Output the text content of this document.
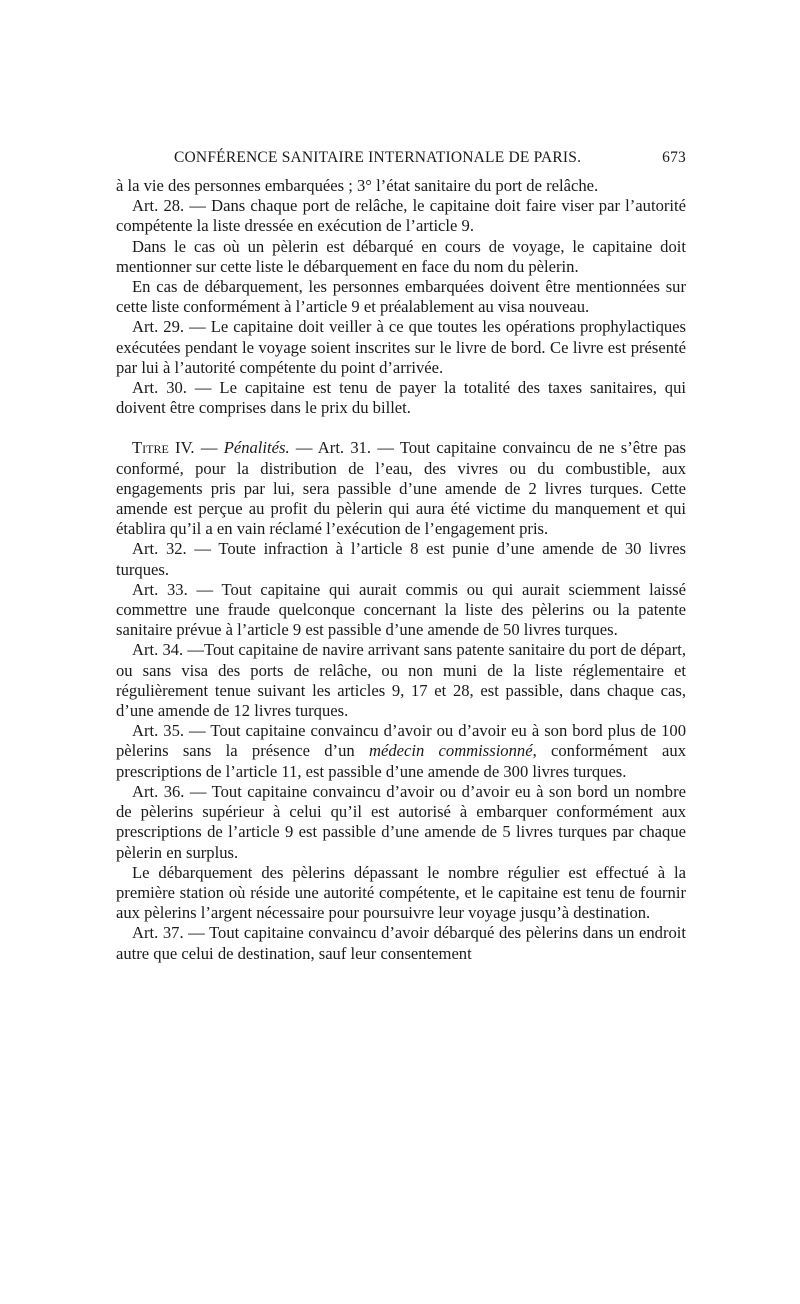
CONFÉRENCE SANITAIRE INTERNATIONALE DE PARIS.	673

à la vie des personnes embarquées ; 3° l’état sanitaire du port de relâche.

Art. 28. — Dans chaque port de relâche, le capitaine doit faire viser par l’autorité compétente la liste dressée en exécution de l’article 9.

Dans le cas où un pèlerin est débarqué en cours de voyage, le capitaine doit mentionner sur cette liste le débarquement en face du nom du pèlerin.

En cas de débarquement, les personnes embarquées doivent être mentionnées sur cette liste conformément à l’article 9 et préalablement au visa nouveau.

Art. 29. — Le capitaine doit veiller à ce que toutes les opérations prophylactiques exécutées pendant le voyage soient inscrites sur le livre de bord. Ce livre est présenté par lui à l’autorité compétente du point d’arrivée.

Art. 30. — Le capitaine est tenu de payer la totalité des taxes sanitaires, qui doivent être comprises dans le prix du billet.

Titre IV. — Pénalités. — Art. 31. — Tout capitaine convaincu de ne s’être pas conformé, pour la distribution de l’eau, des vivres ou du combustible, aux engagements pris par lui, sera passible d’une amende de 2 livres turques. Cette amende est perçue au profit du pèlerin qui aura été victime du manquement et qui établira qu’il a en vain réclamé l’exécution de l’engagement pris.

Art. 32. — Toute infraction à l’article 8 est punie d’une amende de 30 livres turques.

Art. 33. — Tout capitaine qui aurait commis ou qui aurait sciemment laissé commettre une fraude quelconque concernant la liste des pèlerins ou la patente sanitaire prévue à l’article 9 est passible d’une amende de 50 livres turques.

Art. 34. —Tout capitaine de navire arrivant sans patente sanitaire du port de départ, ou sans visa des ports de relâche, ou non muni de la liste réglementaire et régulièrement tenue suivant les articles 9, 17 et 28, est passible, dans chaque cas, d’une amende de 12 livres turques.

Art. 35. — Tout capitaine convaincu d’avoir ou d’avoir eu à son bord plus de 100 pèlerins sans la présence d’un médecin commissionné, conformément aux prescriptions de l’article 11, est passible d’une amende de 300 livres turques.

Art. 36. — Tout capitaine convaincu d’avoir ou d’avoir eu à son bord un nombre de pèlerins supérieur à celui qu’il est autorisé à embarquer conformément aux prescriptions de l’article 9 est passible d’une amende de 5 livres turques par chaque pèlerin en surplus.

Le débarquement des pèlerins dépassant le nombre régulier est effectué à la première station où réside une autorité compétente, et le capitaine est tenu de fournir aux pèlerins l’argent nécessaire pour poursuivre leur voyage jusqu’à destination.

Art. 37. — Tout capitaine convaincu d’avoir débarqué des pèlerins dans un endroit autre que celui de destination, sauf leur consentement
